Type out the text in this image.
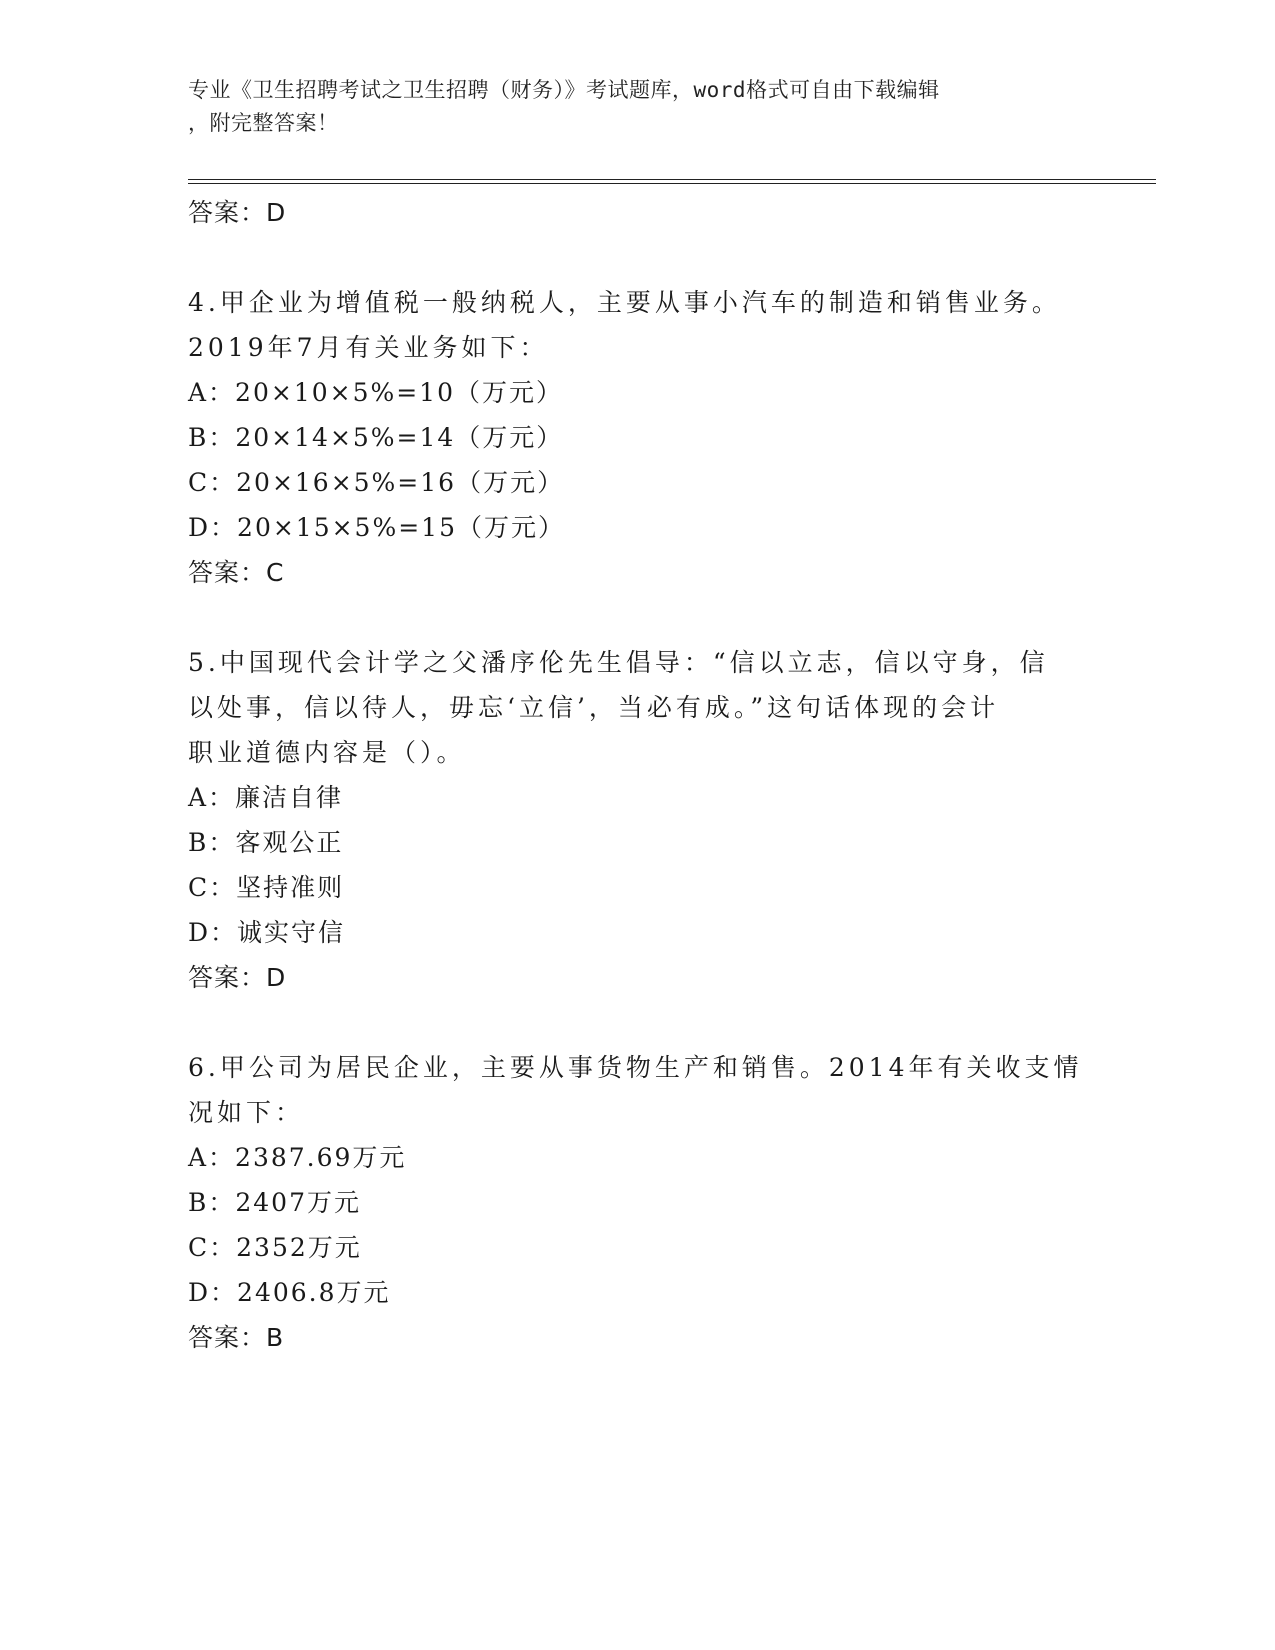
专业《卫生招聘考试之卫生招聘（财务）》考试题库，word格式可自由下载编辑
，附完整答案！
答案：D
4.甲企业为增值税一般纳税人，主要从事小汽车的制造和销售业务。
2019年7月有关业务如下：
A：20×10×5%=10（万元）
B：20×14×5%=14（万元）
C：20×16×5%=16（万元）
D：20×15×5%=15（万元）
答案：C
5.中国现代会计学之父潘序伦先生倡导：“信以立志，信以守身，信
以处事，信以待人，毋忘‘立信’，当必有成。”这句话体现的会计
职业道德内容是（）。
A：廉洁自律
B：客观公正
C：坚持准则
D：诚实守信
答案：D
6.甲公司为居民企业，主要从事货物生产和销售。2014年有关收支情
况如下：
A：2387.69万元
B：2407万元
C：2352万元
D：2406.8万元
答案：B
